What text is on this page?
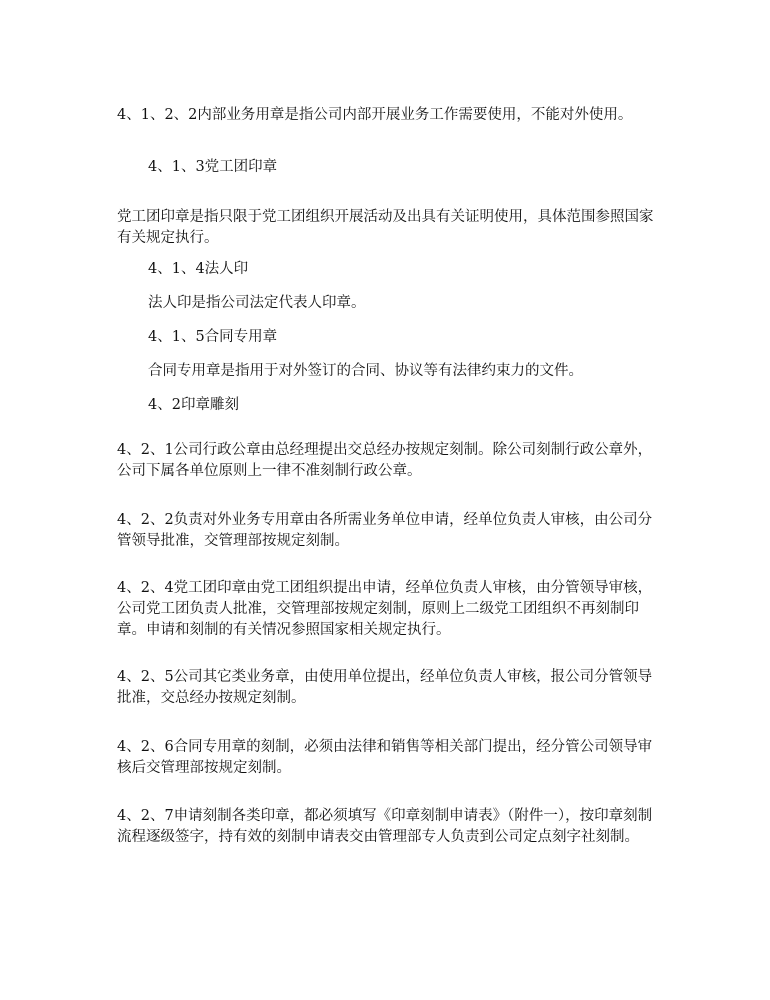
4、1、2、2内部业务用章是指公司内部开展业务工作需要使用，不能对外使用。

4、1、3党工团印章

党工团印章是指只限于党工团组织开展活动及出具有关证明使用，具体范围参照国家有关规定执行。

4、1、4法人印

法人印是指公司法定代表人印章。

4、1、5合同专用章

合同专用章是指用于对外签订的合同、协议等有法律约束力的文件。

4、2印章雕刻

4、2、1公司行政公章由总经理提出交总经办按规定刻制。除公司刻制行政公章外，公司下属各单位原则上一律不准刻制行政公章。

4、2、2负责对外业务专用章由各所需业务单位申请，经单位负责人审核，由公司分管领导批准，交管理部按规定刻制。

4、2、4党工团印章由党工团组织提出申请，经单位负责人审核，由分管领导审核，公司党工团负责人批准，交管理部按规定刻制，原则上二级党工团组织不再刻制印章。申请和刻制的有关情况参照国家相关规定执行。

4、2、5公司其它类业务章，由使用单位提出，经单位负责人审核，报公司分管领导批准，交总经办按规定刻制。

4、2、6合同专用章的刻制，必须由法律和销售等相关部门提出，经分管公司领导审核后交管理部按规定刻制。

4、2、7申请刻制各类印章，都必须填写《印章刻制申请表》（附件一），按印章刻制流程逐级签字，持有效的刻制申请表交由管理部专人负责到公司定点刻字社刻制。
